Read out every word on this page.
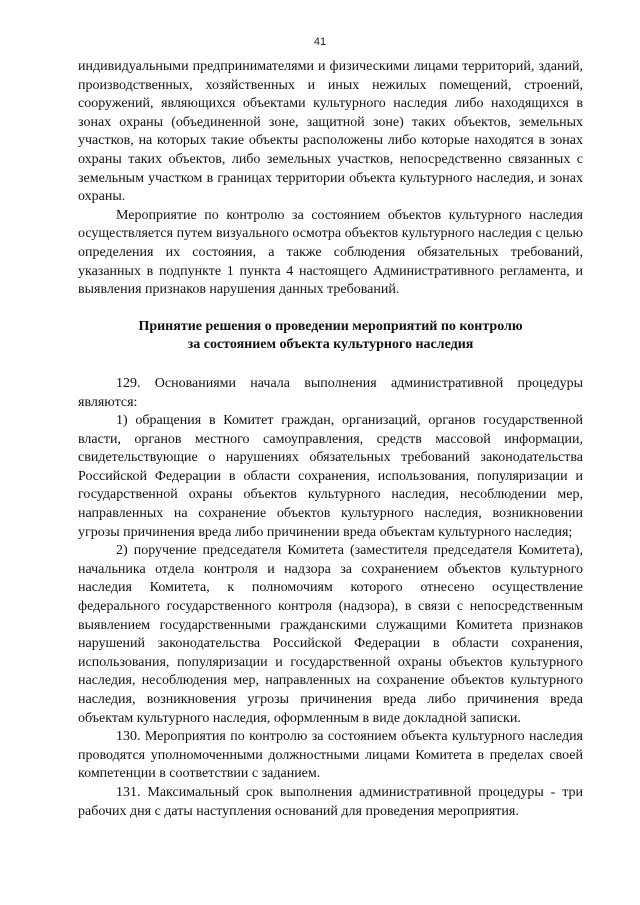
41

индивидуальными предпринимателями и физическими лицами территорий, зданий, производственных, хозяйственных и иных нежилых помещений, строений, сооружений, являющихся объектами культурного наследия либо находящихся в зонах охраны (объединенной зоне, защитной зоне) таких объектов, земельных участков, на которых такие объекты расположены либо которые находятся в зонах охраны таких объектов, либо земельных участков, непосредственно связанных с земельным участком в границах территории объекта культурного наследия, и зонах охраны.

Мероприятие по контролю за состоянием объектов культурного наследия осуществляется путем визуального осмотра объектов культурного наследия с целью определения их состояния, а также соблюдения обязательных требований, указанных в подпункте 1 пункта 4 настоящего Административного регламента, и выявления признаков нарушения данных требований.

Принятие решения о проведении мероприятий по контролю
за состоянием объекта культурного наследия

129. Основаниями начала выполнения административной процедуры являются:

1) обращения в Комитет граждан, организаций, органов государственной власти, органов местного самоуправления, средств массовой информации, свидетельствующие о нарушениях обязательных требований законодательства Российской Федерации в области сохранения, использования, популяризации и государственной охраны объектов культурного наследия, несоблюдении мер, направленных на сохранение объектов культурного наследия, возникновении угрозы причинения вреда либо причинении вреда объектам культурного наследия;

2) поручение председателя Комитета (заместителя председателя Комитета), начальника отдела контроля и надзора за сохранением объектов культурного наследия Комитета, к полномочиям которого отнесено осуществление федерального государственного контроля (надзора), в связи с непосредственным выявлением государственными гражданскими служащими Комитета признаков нарушений законодательства Российской Федерации в области сохранения, использования, популяризации и государственной охраны объектов культурного наследия, несоблюдения мер, направленных на сохранение объектов культурного наследия, возникновения угрозы причинения вреда либо причинения вреда объектам культурного наследия, оформленным в виде докладной записки.

130. Мероприятия по контролю за состоянием объекта культурного наследия проводятся уполномоченными должностными лицами Комитета в пределах своей компетенции в соответствии с заданием.

131. Максимальный срок выполнения административной процедуры - три рабочих дня с даты наступления оснований для проведения мероприятия.
